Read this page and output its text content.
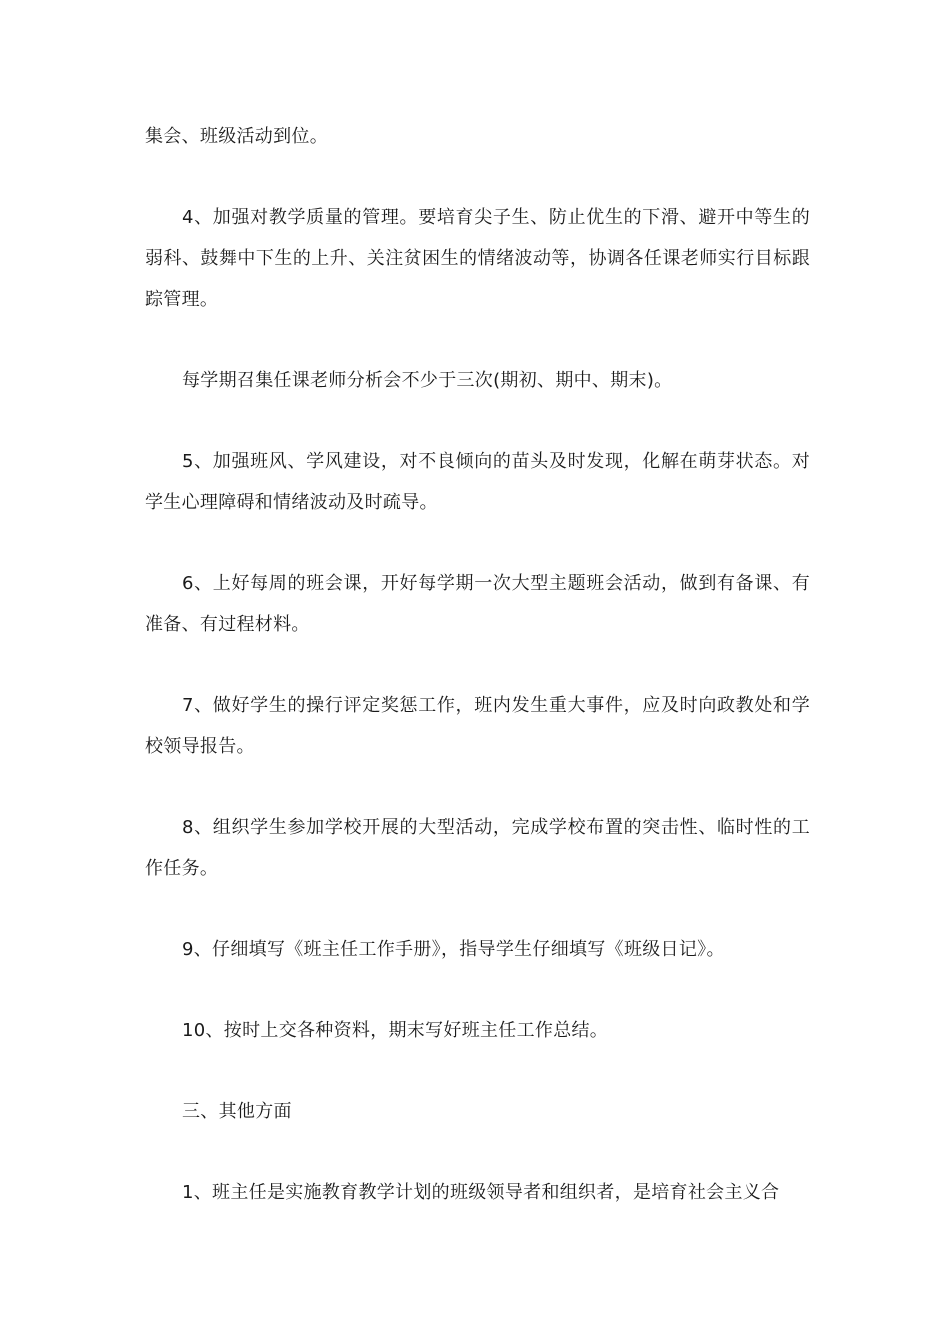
集会、班级活动到位。

4、加强对教学质量的管理。要培育尖子生、防止优生的下滑、避开中等生的弱科、鼓舞中下生的上升、关注贫困生的情绪波动等，协调各任课老师实行目标跟踪管理。

每学期召集任课老师分析会不少于三次(期初、期中、期末)。

5、加强班风、学风建设，对不良倾向的苗头及时发现，化解在萌芽状态。对学生心理障碍和情绪波动及时疏导。

6、上好每周的班会课，开好每学期一次大型主题班会活动，做到有备课、有准备、有过程材料。

7、做好学生的操行评定奖惩工作，班内发生重大事件，应及时向政教处和学校领导报告。

8、组织学生参加学校开展的大型活动，完成学校布置的突击性、临时性的工作任务。

9、仔细填写《班主任工作手册》，指导学生仔细填写《班级日记》。

10、按时上交各种资料，期末写好班主任工作总结。

三、其他方面

1、班主任是实施教育教学计划的班级领导者和组织者，是培育社会主义合
